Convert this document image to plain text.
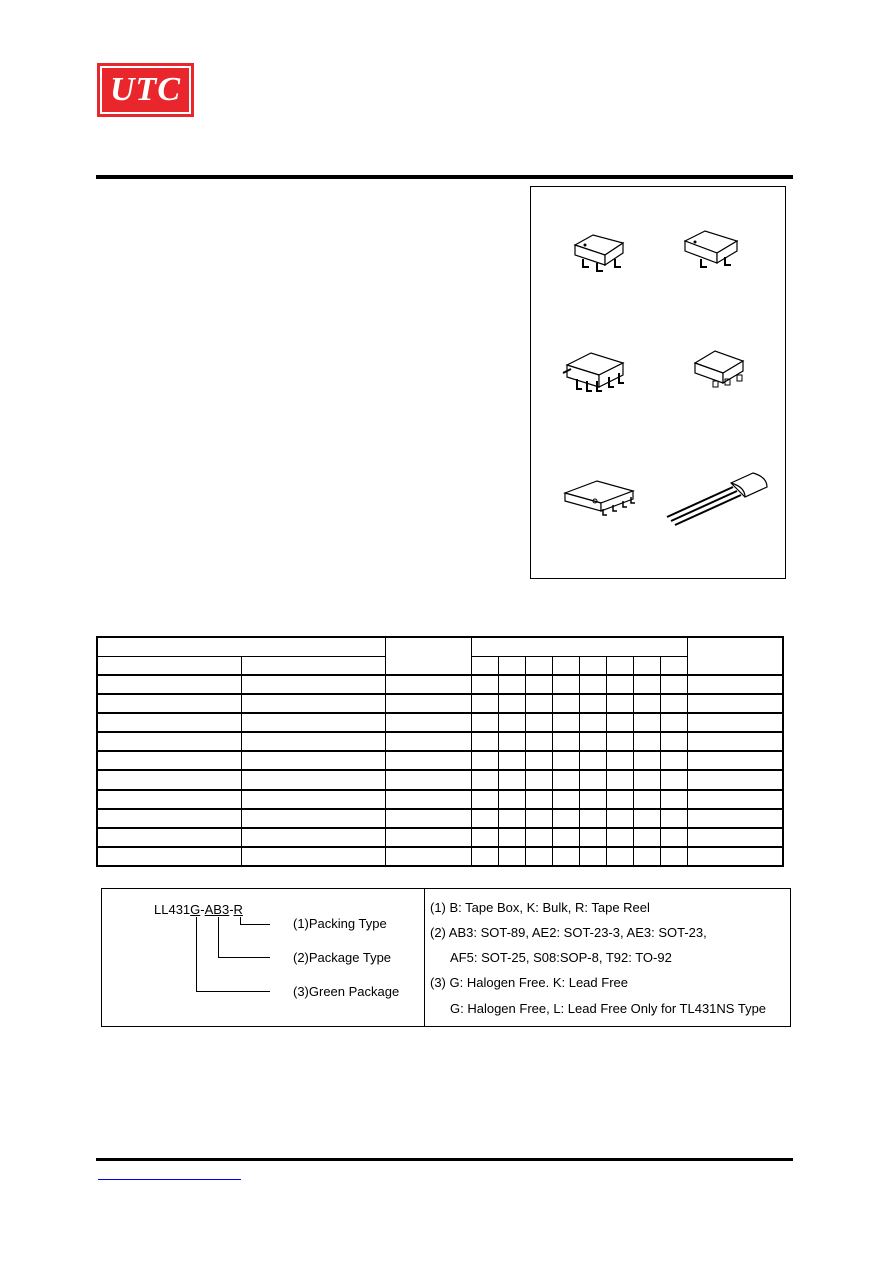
UTC

LL431G-AB3-R
(1)Packing Type
(2)Package Type
(3)Green Package
(1) B: Tape Box, K: Bulk, R: Tape Reel
(2) AB3: SOT-89, AE2: SOT-23-3, AE3: SOT-23,
AF5: SOT-25, S08:SOP-8, T92: TO-92
(3) G: Halogen Free. K: Lead Free
G: Halogen Free, L: Lead Free Only for TL431NS Type
